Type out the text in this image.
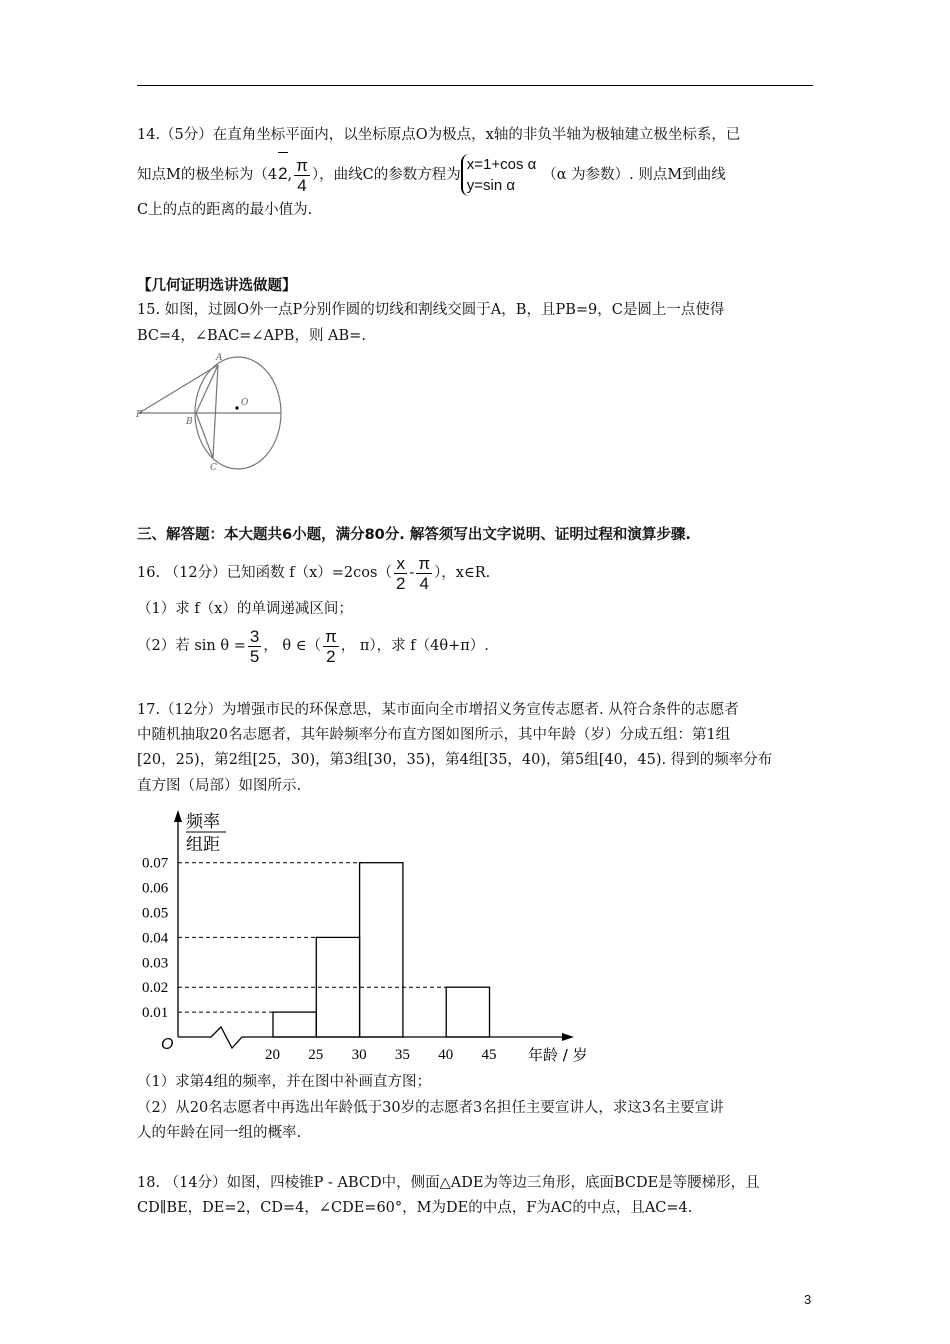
14.（5分）在直角坐标平面内，以坐标原点O为极点，x轴的非负半轴为极轴建立极坐标系，已
知点M的极坐标为（42, $\frac{\pi}{4}$ ），曲线C的参数方程为
x=1+cos α
y=sin α
（α 为参数）. 则点M到曲线
C上的点的距离的最小值为.
【几何证明选讲选做题】
15. 如图，过圆O外一点P分别作圆的切线和割线交圆于A，B，且PB=9，C是圆上一点使得
BC=4，∠BAC=∠APB，则 AB=.
P
A
B
C
O
三、解答题：本大题共6小题，满分80分. 解答须写出文字说明、证明过程和演算步骤.
16. （12分）已知函数 $f(x)=2\cos( \frac{x}{2} - \frac{\pi}{4}$ ），x∈R.
（1）求 f（x）的单调递减区间；
（2）若 $\sin \theta = \frac{3}{5}$ ， θ ∈（ $\frac{\pi}{2}$ ， π），求 f（4θ+π）.
17.（12分）为增强市民的环保意思，某市面向全市增招义务宣传志愿者. 从符合条件的志愿者
中随机抽取20名志愿者，其年龄频率分布直方图如图所示，其中年龄（岁）分成五组：第1组
[20，25)，第2组[25，30)，第3组[30，35)，第4组[35，40)，第5组[40，45). 得到的频率分布
直方图（局部）如图所示.
0.01
0.02
0.03
0.04
0.05
0.06
0.07
20 25 30 35 40 45
频率
组距
O
年龄 / 岁
（1）求第4组的频率，并在图中补画直方图；
（2）从20名志愿者中再选出年龄低于30岁的志愿者3名担任主要宣讲人，求这3名主要宣讲
人的年龄在同一组的概率.
18. （14分）如图，四棱锥P - ABCD中，侧面△ADE为等边三角形，底面BCDE是等腰梯形，且
CD∥BE，DE=2，CD=4，∠CDE=60°，M为DE的中点，F为AC的中点，且AC=4.
3
